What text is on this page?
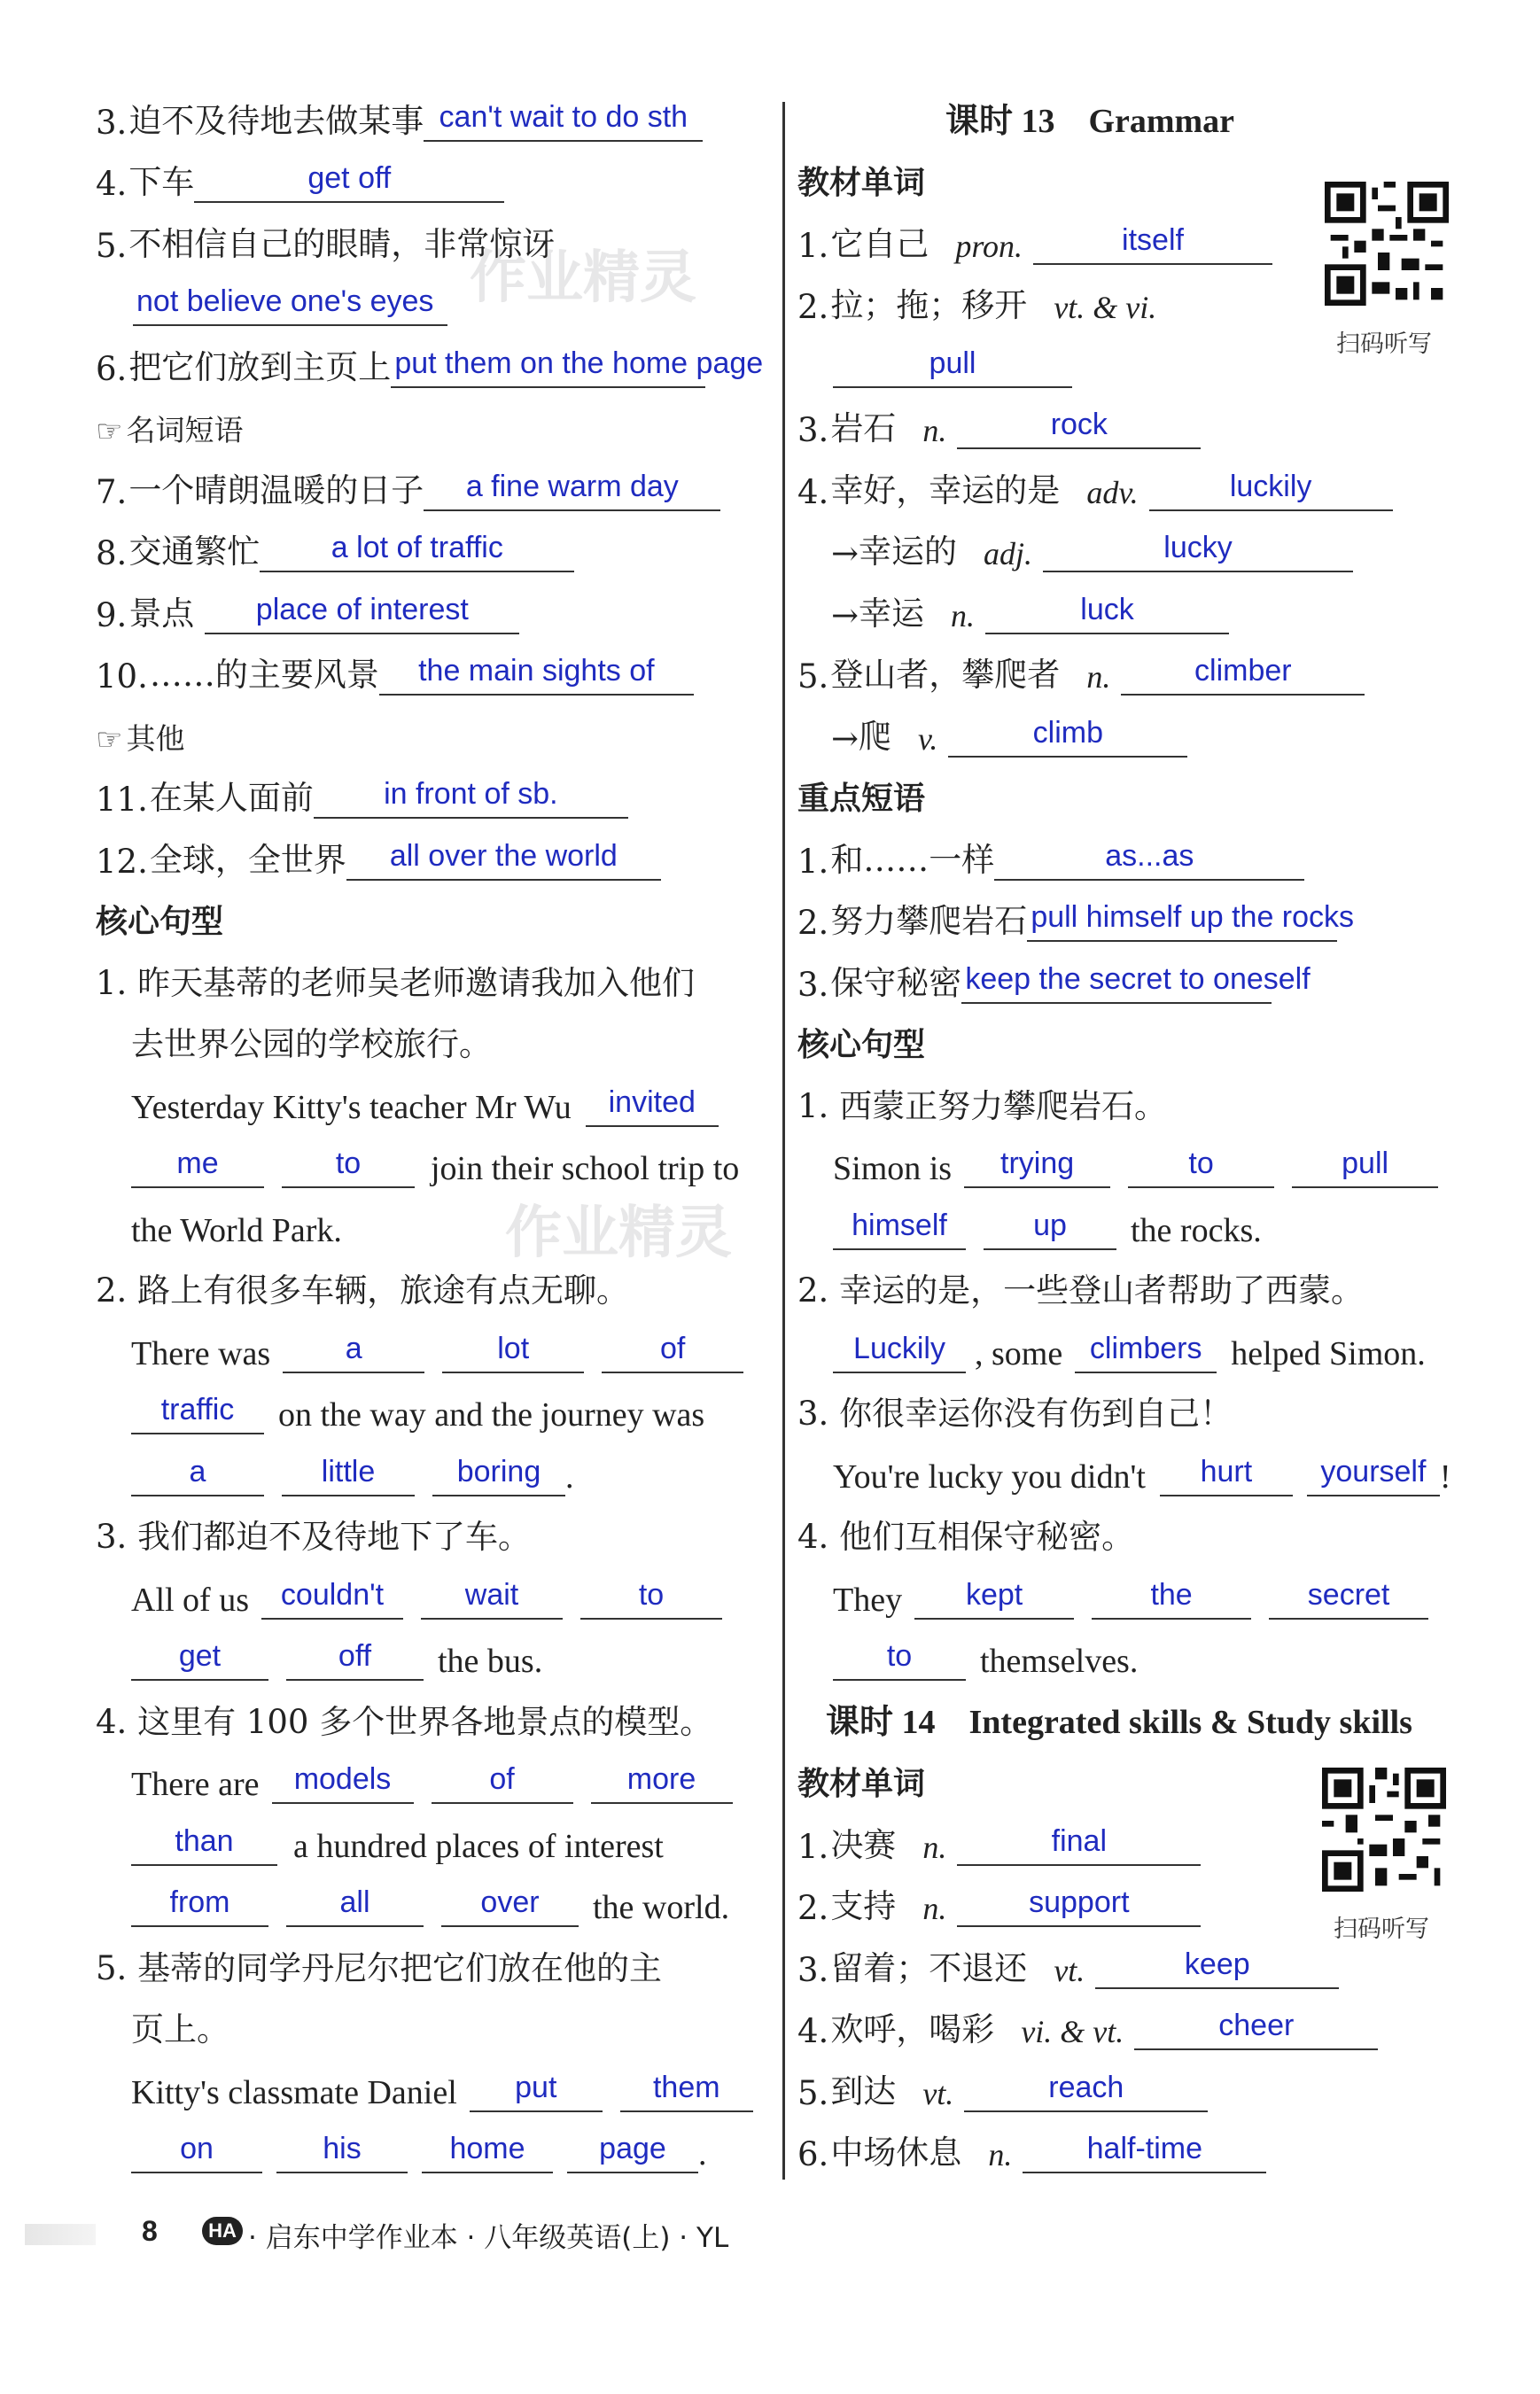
作业精灵
作业精灵
3. 迫不及待地去做某事 can't wait to do sth
4. 下车	get off
5. 不相信自己的眼睛，非常惊讶
not believe one's eyes
6. 把它们放到主页上 put them on the home page
☞ 名词短语
7. 一个晴朗温暖的日子	a fine warm day
8. 交通繁忙	a lot of traffic
9. 景点	place of interest
10. ……的主要风景	the main sights of
☞ 其他
11. 在某人面前	in front of sb.
12. 全球，全世界	all over the world
核心句型
1. 昨天基蒂的老师吴老师邀请我加入他们
去世界公园的学校旅行。
Yesterday Kitty's teacher Mr Wu	invited
me	to	join their school trip to
the World Park.
2. 路上有很多车辆，旅途有点无聊。
There was	a	lot	of
traffic	on the way and the journey was
a	little	boring .
3. 我们都迫不及待地下了车。
All of us	couldn't	wait	to
get	off	the bus.
4. 这里有 100 多个世界各地景点的模型。
There are	models	of	more
than	a hundred places of interest
from	all	over	the world.
5. 基蒂的同学丹尼尔把它们放在他的主
页上。
Kitty's classmate Daniel	put	them
on	his	home	page .
课时 13　Grammar
教材单词
1. 它自己 pron.	itself
2. 拉；拖；移开 vt. & vi.
pull
3. 岩石 n.	rock
4. 幸好，幸运的是 adv.	luckily
→ 幸运的 adj.	lucky
→ 幸运 n.	luck
5. 登山者，攀爬者 n.	climber
→ 爬 v.	climb
重点短语
1. 和……一样	as...as
2. 努力攀爬岩石 pull himself up the rocks
3. 保守秘密 keep the secret to oneself
核心句型
1. 西蒙正努力攀爬岩石。
Simon is	trying	to	pull
himself	up	the rocks.
2. 幸运的是，一些登山者帮助了西蒙。
Luckily , some climbers helped Simon.
3. 你很幸运你没有伤到自己！
You're lucky you didn't	hurt	yourself !
4. 他们互相保守秘密。
They	kept	the	secret
to	themselves.
课时 14　Integrated skills & Study skills
教材单词
1. 决赛 n.	final
2. 支持 n.	support
3. 留着；不退还 vt.	keep
4. 欢呼，喝彩 vi. & vt.	cheer
5. 到达 vt.	reach
6. 中场休息 n.	half-time
扫码听写
扫码听写
8	HA · 启东中学作业本 · 八年级英语(上) · YL
